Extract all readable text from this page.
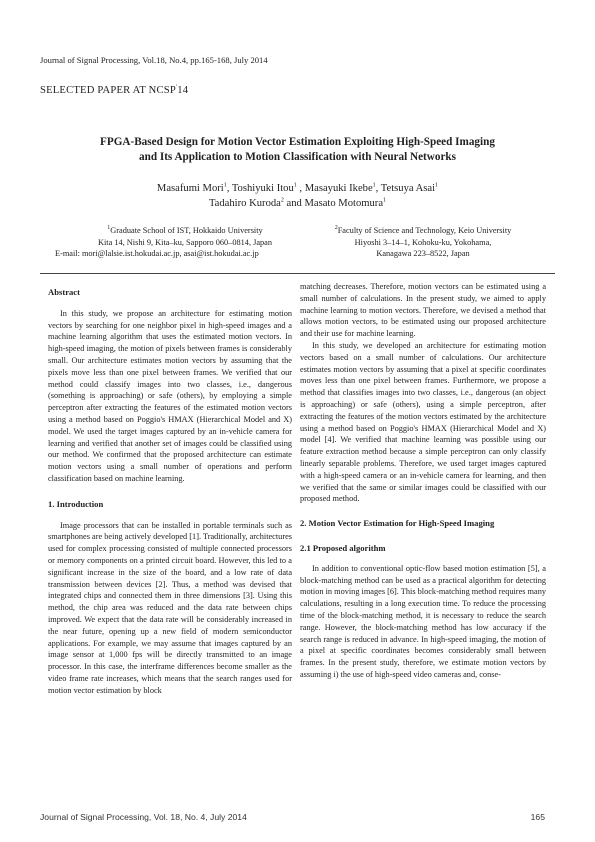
Journal of Signal Processing, Vol.18, No.4, pp.165-168, July 2014
SELECTED PAPER AT NCSP'14
FPGA-Based Design for Motion Vector Estimation Exploiting High-Speed Imaging
and Its Application to Motion Classification with Neural Networks
Masafumi Mori$^1$, Toshiyuki Itou$^1$ , Masayuki Ikebe$^1$, Tetsuya Asai$^1$
Tadahiro Kuroda$^2$ and Masato Motomura$^1$
$^1$Graduate School of IST, Hokkaido University
Kita 14, Nishi 9, Kita–ku, Sapporo 060–0814, Japan
E-mail: mori@lalsie.ist.hokudai.ac.jp, asai@ist.hokudai.ac.jp
$^2$Faculty of Science and Technology, Keio University
Hiyoshi 3–14–1, Kohoku-ku, Yokohama,
Kanagawa 223–8522, Japan
Abstract

In this study, we propose an architecture for estimating motion vectors by searching for one neighbor pixel in high-speed images and a machine learning algorithm that uses the estimated motion vectors. In high-speed imaging, the motion of pixels between frames is considerably small. Our architecture estimates motion vectors by assuming that the pixels move less than one pixel between frames. We verified that our method could classify images into two classes, i.e., dangerous (something is approaching) or safe (others), by employing a simple perceptron after extracting the features of the estimated motion vectors using a method based on Poggio's HMAX (Hierarchical Model and X) model. We used the target images captured by an in-vehicle camera for learning and verified that another set of images could be classified using our method. We confirmed that the proposed architecture can estimate motion vectors using a small number of operations and perform classification based on machine learning.

1. Introduction

Image processors that can be installed in portable terminals such as smartphones are being actively developed [1]. Traditionally, architectures used for complex processing consisted of multiple connected processors or memory components on a printed circuit board. However, this led to a significant increase in the size of the board, and a low rate of data transmission between devices [2]. Thus, a method was devised that integrated chips and connected them in three dimensions [3]. Using this method, the chip area was reduced and the data rate between chips improved. We expect that the data rate will be considerably increased in the near future, opening up a new field of modern semiconductor applications. For example, we may assume that images captured by an image sensor at 1,000 fps will be directly transmitted to an image processor. In this case, the interframe differences become smaller as the video frame rate increases, which means that the search ranges used for motion vector estimation by block

matching decreases. Therefore, motion vectors can be estimated using a small number of calculations. In the present study, we aimed to apply machine learning to motion vectors. Therefore, we devised a method that allows motion vectors, to be estimated using our proposed architecture and their use for machine learning.

In this study, we developed an architecture for estimating motion vectors based on a small number of calculations. Our architecture estimates motion vectors by assuming that a pixel at specific coordinates moves less than one pixel between frames. Furthermore, we propose a method that classifies images into two classes, i.e., dangerous (an object is approaching) or safe (others), using a simple perceptron, after extracting the features of the motion vectors estimated by the architecture using a method based on Poggio's HMAX (Hierarchical Model and X) model [4]. We verified that machine learning was possible using our feature extraction method because a simple perceptron can only classify linearly separable problems. Therefore, we used target images captured with a high-speed camera or an in-vehicle camera for learning, and then we verified that the same or similar images could be classified with our proposed method.

2. Motion Vector Estimation for High-Speed Imaging
2.1 Proposed algorithm

In addition to conventional optic-flow based motion estimation [5], a block-matching method can be used as a practical algorithm for detecting motion in moving images [6]. This block-matching method requires many calculations, resulting in a long execution time. To reduce the processing time of the block-matching method, it is necessary to reduce the search range. However, the block-matching method has low accuracy if the search range is reduced in advance. In high-speed imaging, the motion of a pixel at specific coordinates becomes considerably small between frames. In the present study, therefore, we estimate motion vectors by assuming i) the use of high-speed video cameras and, conse-

Journal of Signal Processing, Vol. 18, No. 4, July 2014	165
